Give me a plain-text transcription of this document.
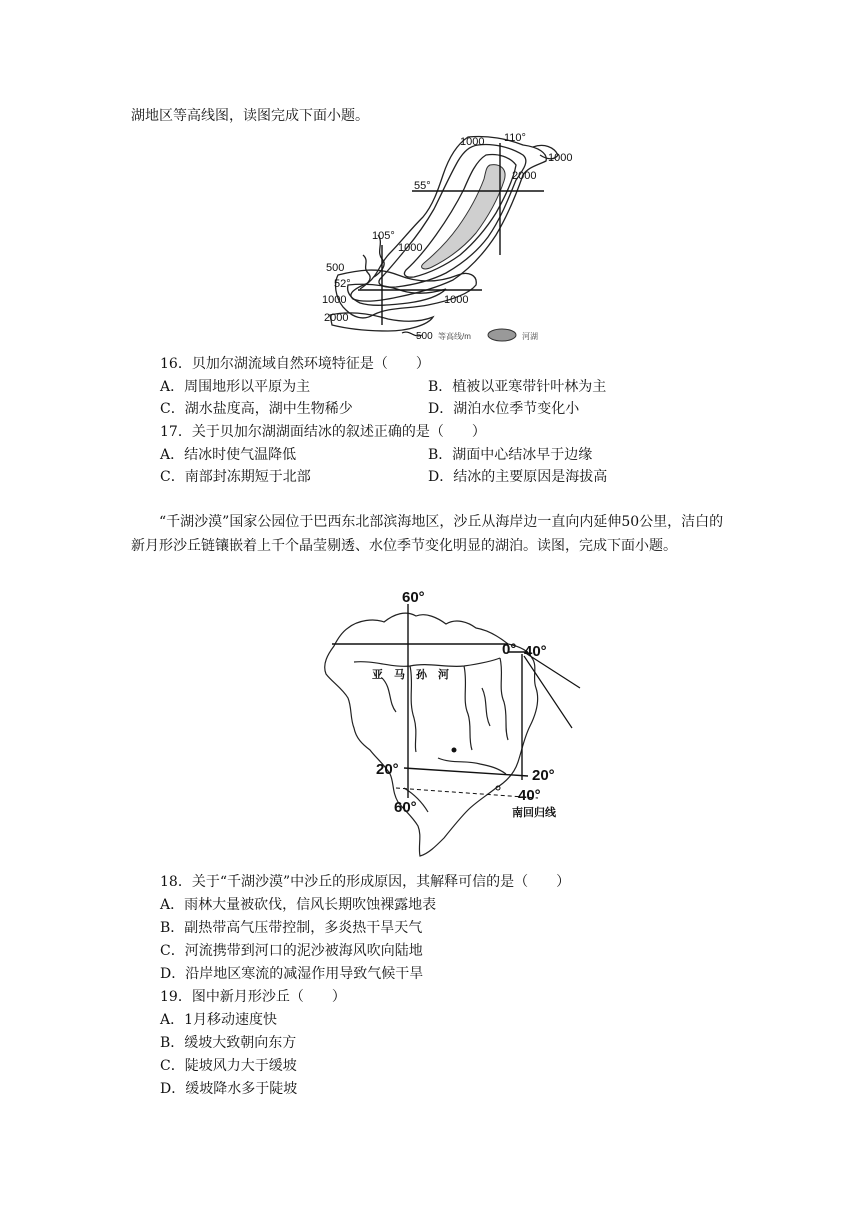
湖地区等高线图，读图完成下面小题。
1000 110°
1000
2000
55°
105°
1000
500
52°
1000
2000
1000
500 等高线/m	河湖
16．贝加尔湖流域自然环境特征是（　　）
A．周围地形以平原为主	B．植被以亚寒带针叶林为主
C．湖水盐度高，湖中生物稀少	D．湖泊水位季节变化小
17．关于贝加尔湖湖面结冰的叙述正确的是（　　）
A．结冰时使气温降低	B．湖面中心结冰早于边缘
C．南部封冻期短于北部	D．结冰的主要原因是海拔高
“千湖沙漠”国家公园位于巴西东北部滨海地区，沙丘从海岸边一直向内延伸50公里，洁白的新月形沙丘链镶嵌着上千个晶莹剔透、水位季节变化明显的湖泊。读图，完成下面小题。
60°
0° 40°
20°	20°
40°
60°
亚　马　孙　河
南回归线
18．关于“千湖沙漠”中沙丘的形成原因，其解释可信的是（　　）
A．雨林大量被砍伐，信风长期吹蚀裸露地表
B．副热带高气压带控制，多炎热干旱天气
C．河流携带到河口的泥沙被海风吹向陆地
D．沿岸地区寒流的减湿作用导致气候干旱
19．图中新月形沙丘（　　）
A．1月移动速度快
B．缓坡大致朝向东方
C．陡坡风力大于缓坡
D．缓坡降水多于陡坡
